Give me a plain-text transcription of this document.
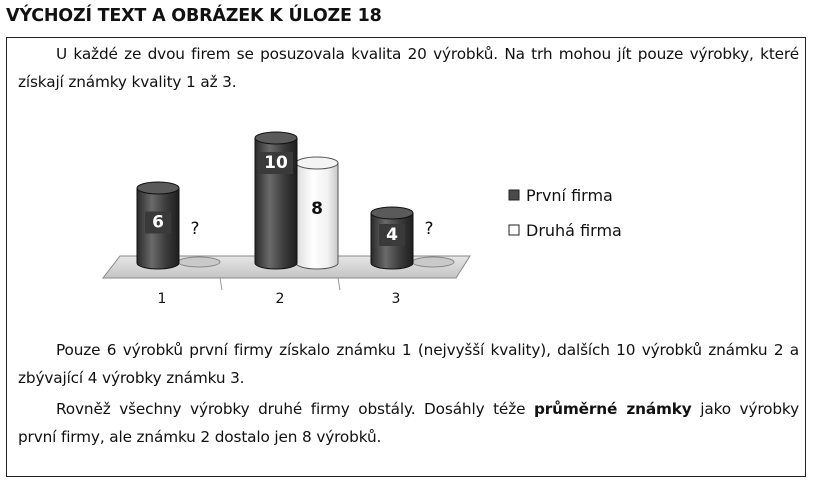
VÝCHOZÍ TEXT A OBRÁZEK K ÚLOZE 18

U každé ze dvou firem se posuzovala kvalita 20 výrobků. Na trh mohou jít pouze výrobky, které získají známky kvality 1 až 3.

?
6
8
10
?
4
1	2	3
První firma
Druhá firma

Pouze 6 výrobků první firmy získalo známku 1 (nejvyšší kvality), dalších 10 výrobků známku 2 a zbývající 4 výrobky známku 3.

Rovněž všechny výrobky druhé firmy obstály. Dosáhly téže průměrné známky jako výrobky první firmy, ale známku 2 dostalo jen 8 výrobků.
